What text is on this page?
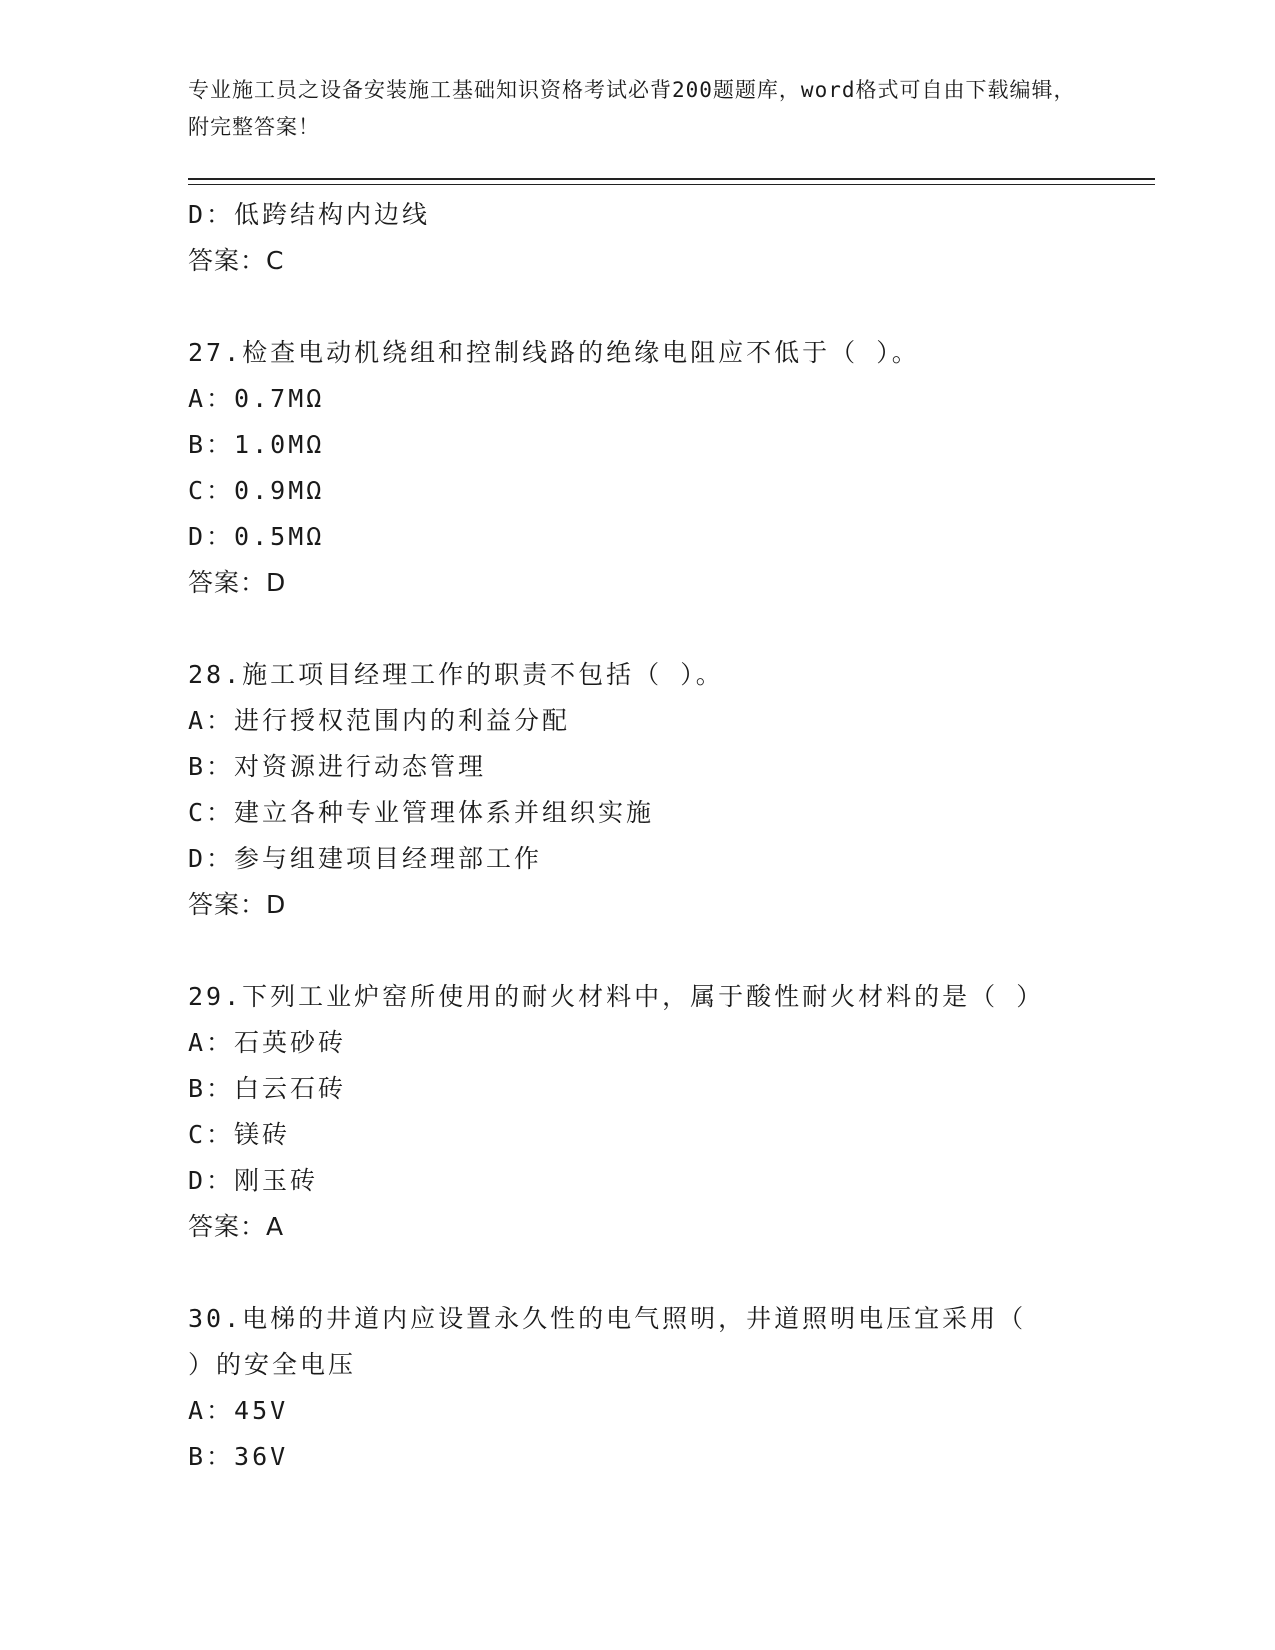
专业施工员之设备安装施工基础知识资格考试必背200题题库，word格式可自由下载编辑，附完整答案！
D：低跨结构内边线
答案：C
27.检查电动机绕组和控制线路的绝缘电阻应不低于（ ）。
A：0.7MΩ
B：1.0MΩ
C：0.9MΩ
D：0.5MΩ
答案：D
28.施工项目经理工作的职责不包括（ ）。
A：进行授权范围内的利益分配
B：对资源进行动态管理
C：建立各种专业管理体系并组织实施
D：参与组建项目经理部工作
答案：D
29.下列工业炉窑所使用的耐火材料中，属于酸性耐火材料的是（ ）
A：石英砂砖
B：白云石砖
C：镁砖
D：刚玉砖
答案：A
30.电梯的井道内应设置永久性的电气照明，井道照明电压宜采用（ ）的安全电压
A：45V
B：36V
